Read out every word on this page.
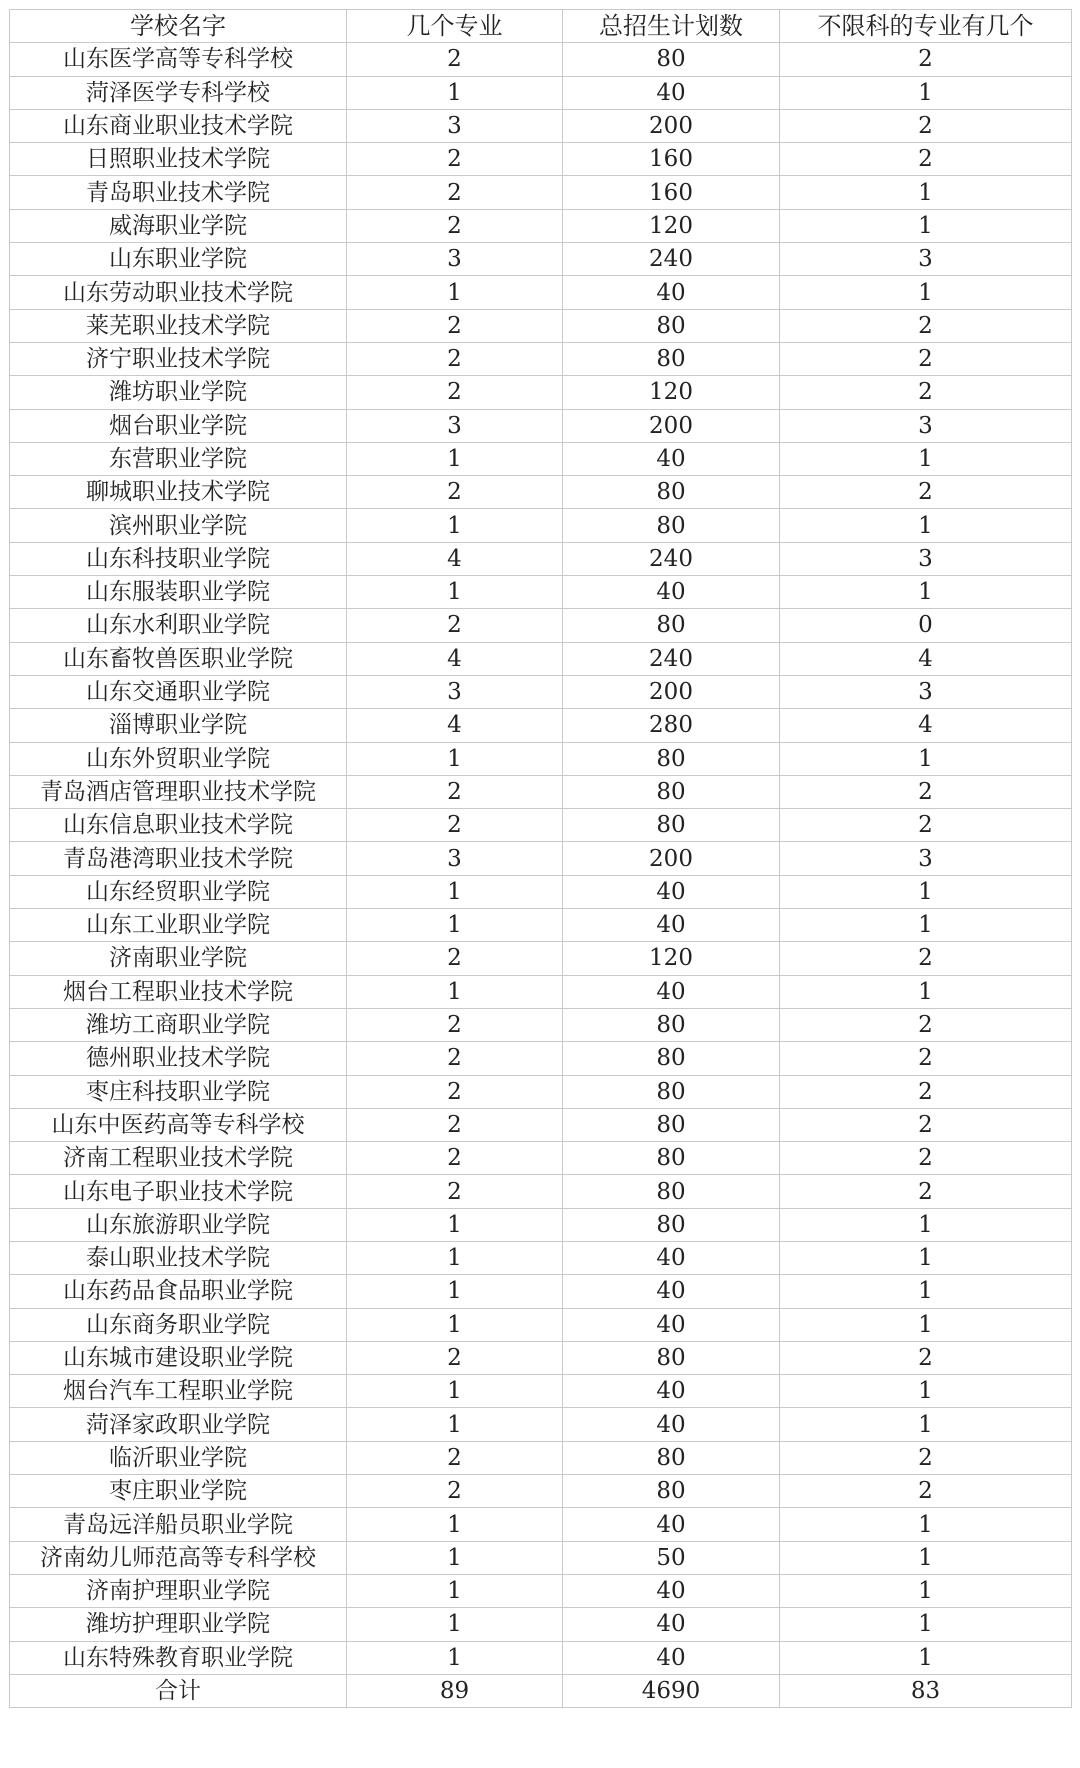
学校名字	几个专业	总招生计划数	不限科的专业有几个
山东医学高等专科学校	2	80	2
菏泽医学专科学校	1	40	1
山东商业职业技术学院	3	200	2
日照职业技术学院	2	160	2
青岛职业技术学院	2	160	1
威海职业学院	2	120	1
山东职业学院	3	240	3
山东劳动职业技术学院	1	40	1
莱芜职业技术学院	2	80	2
济宁职业技术学院	2	80	2
潍坊职业学院	2	120	2
烟台职业学院	3	200	3
东营职业学院	1	40	1
聊城职业技术学院	2	80	2
滨州职业学院	1	80	1
山东科技职业学院	4	240	3
山东服装职业学院	1	40	1
山东水利职业学院	2	80	0
山东畜牧兽医职业学院	4	240	4
山东交通职业学院	3	200	3
淄博职业学院	4	280	4
山东外贸职业学院	1	80	1
青岛酒店管理职业技术学院	2	80	2
山东信息职业技术学院	2	80	2
青岛港湾职业技术学院	3	200	3
山东经贸职业学院	1	40	1
山东工业职业学院	1	40	1
济南职业学院	2	120	2
烟台工程职业技术学院	1	40	1
潍坊工商职业学院	2	80	2
德州职业技术学院	2	80	2
枣庄科技职业学院	2	80	2
山东中医药高等专科学校	2	80	2
济南工程职业技术学院	2	80	2
山东电子职业技术学院	2	80	2
山东旅游职业学院	1	80	1
泰山职业技术学院	1	40	1
山东药品食品职业学院	1	40	1
山东商务职业学院	1	40	1
山东城市建设职业学院	2	80	2
烟台汽车工程职业学院	1	40	1
菏泽家政职业学院	1	40	1
临沂职业学院	2	80	2
枣庄职业学院	2	80	2
青岛远洋船员职业学院	1	40	1
济南幼儿师范高等专科学校	1	50	1
济南护理职业学院	1	40	1
潍坊护理职业学院	1	40	1
山东特殊教育职业学院	1	40	1
合计	89	4690	83
